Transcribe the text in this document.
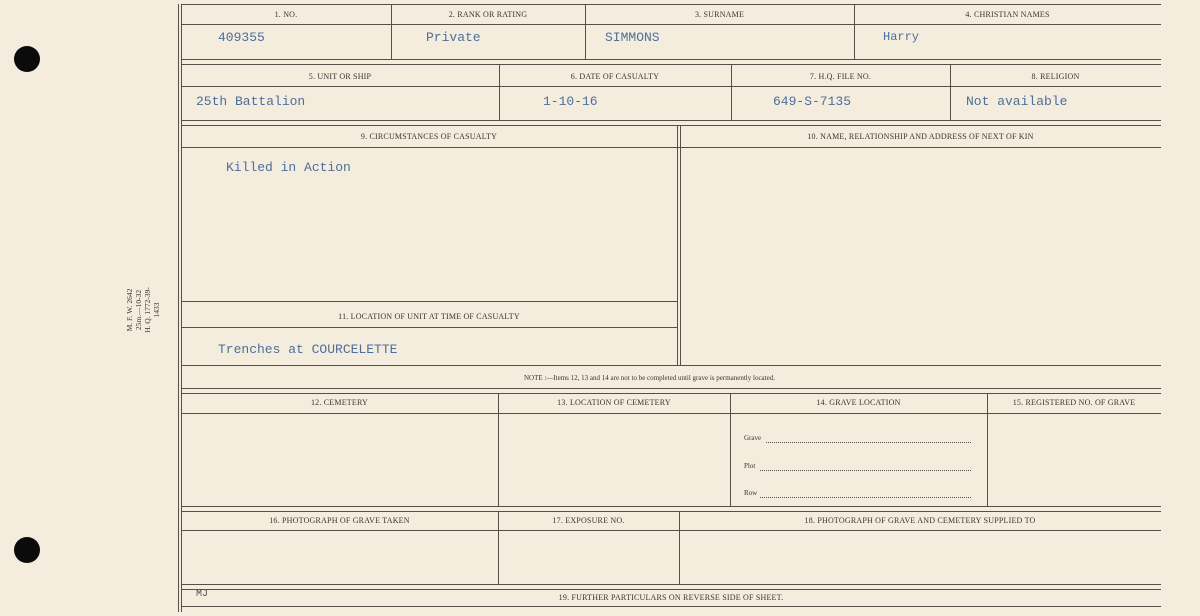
M. F. W. 2642 25m.—10-32 H. Q. 1772-39-1433
1. NO.	2. RANK OR RATING	3. SURNAME	4. CHRISTIAN NAMES
409355	Private	SIMMONS	Harry
5. UNIT OR SHIP	6. DATE OF CASUALTY	7. H.Q. FILE NO.	8. RELIGION
25th Battalion	1-10-16	649-S-7135	Not available
9. CIRCUMSTANCES OF CASUALTY	10. NAME, RELATIONSHIP AND ADDRESS OF NEXT OF KIN
Killed in Action
11. LOCATION OF UNIT AT TIME OF CASUALTY
Trenches at COURCELETTE
NOTE :—Items 12, 13 and 14 are not to be completed until grave is permanently located.
12. CEMETERY	13. LOCATION OF CEMETERY	14. GRAVE LOCATION	15. REGISTERED NO. OF GRAVE
Grave
Plot
Row
16. PHOTOGRAPH OF GRAVE TAKEN	17. EXPOSURE NO.	18. PHOTOGRAPH OF GRAVE AND CEMETERY SUPPLIED TO
MJ	19. FURTHER PARTICULARS ON REVERSE SIDE OF SHEET.
